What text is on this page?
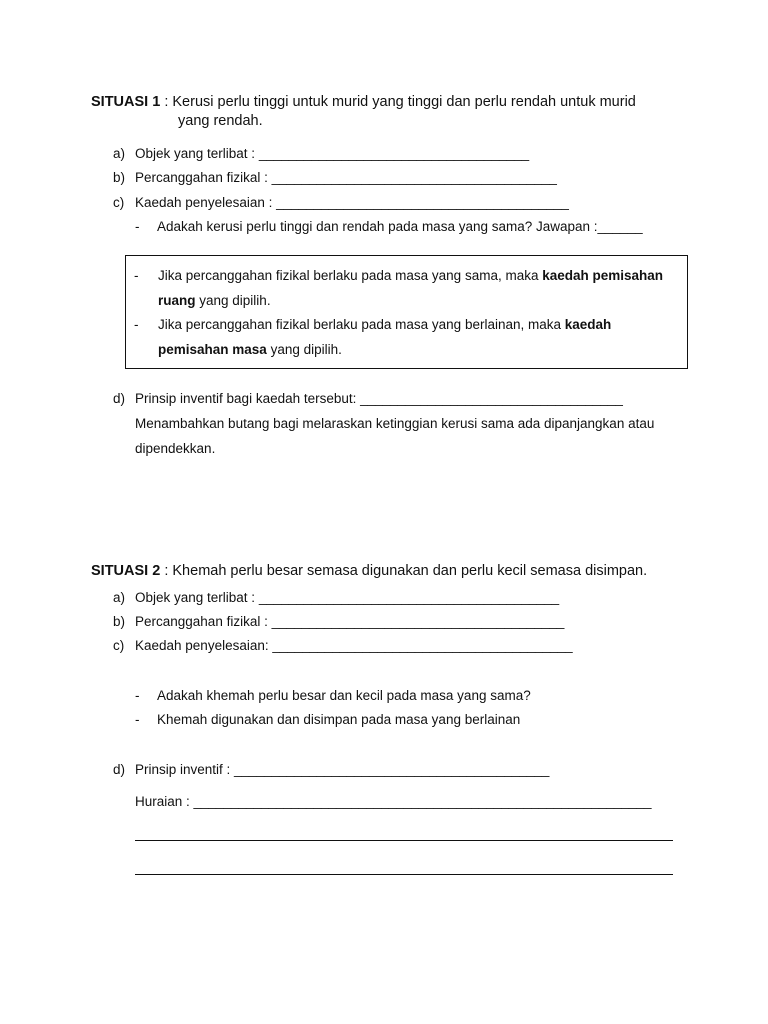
SITUASI 1 : Kerusi perlu tinggi untuk murid yang tinggi dan perlu rendah untuk murid
yang rendah.
a) Objek yang terlibat : ____________________________________
b) Percanggahan fizikal : ______________________________________
c) Kaedah penyelesaian : _______________________________________
- Adakah kerusi perlu tinggi dan rendah pada masa yang sama? Jawapan :______
- Jika percanggahan fizikal berlaku pada masa yang sama, maka kaedah pemisahan
ruang yang dipilih.
- Jika percanggahan fizikal berlaku pada masa yang berlainan, maka kaedah
pemisahan masa yang dipilih.
d) Prinsip inventif bagi kaedah tersebut: ___________________________________
Menambahkan butang bagi melaraskan ketinggian kerusi sama ada dipanjangkan atau
dipendekkan.
SITUASI 2 : Khemah perlu besar semasa digunakan dan perlu kecil semasa disimpan.
a) Objek yang terlibat : ________________________________________
b) Percanggahan fizikal : _______________________________________
c) Kaedah penyelesaian: ________________________________________
- Adakah khemah perlu besar dan kecil pada masa yang sama?
- Khemah digunakan dan disimpan pada masa yang berlainan
d) Prinsip inventif : __________________________________________
Huraian : _____________________________________________________________
